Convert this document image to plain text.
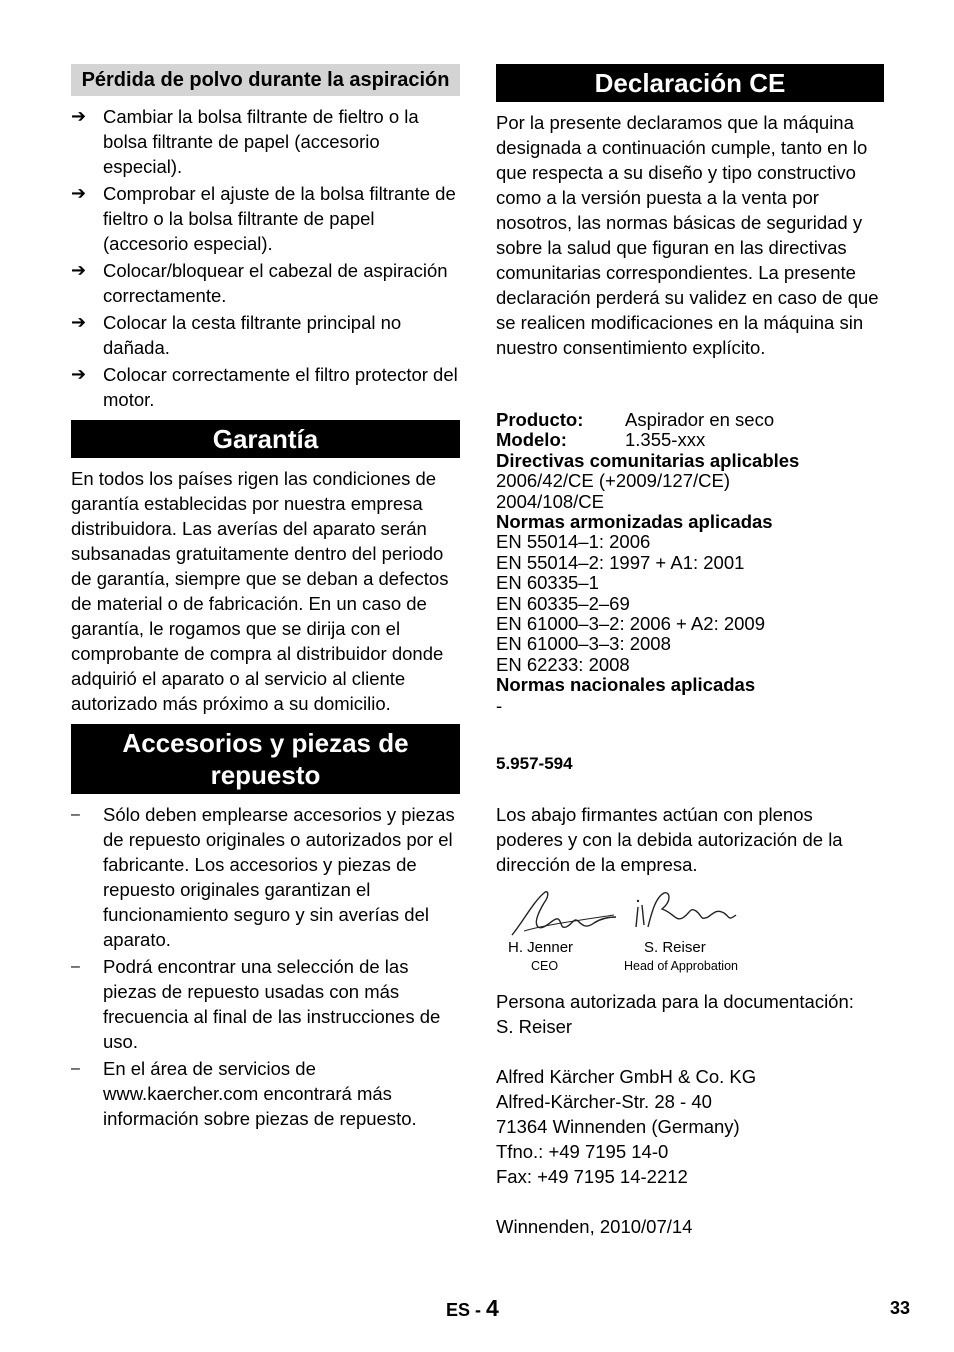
Pérdida de polvo durante la aspiración
➔ Cambiar la bolsa filtrante de fieltro o la bolsa filtrante de papel (accesorio especial).
➔ Comprobar el ajuste de la bolsa filtrante de fieltro o la bolsa filtrante de papel (accesorio especial).
➔ Colocar/bloquear el cabezal de aspiración correctamente.
➔ Colocar la cesta filtrante principal no dañada.
➔ Colocar correctamente el filtro protector del motor.
Garantía

En todos los países rigen las condiciones de garantía establecidas por nuestra empresa distribuidora. Las averías del aparato serán subsanadas gratuitamente dentro del periodo de garantía, siempre que se deban a defectos de material o de fabricación. En un caso de garantía, le rogamos que se dirija con el comprobante de compra al distribuidor donde adquirió el aparato o al servicio al cliente autorizado más próximo a su domicilio.

Accesorios y piezas de repuesto
–	Sólo deben emplearse accesorios y piezas de repuesto originales o autorizados por el fabricante. Los accesorios y piezas de repuesto originales garantizan el funcionamiento seguro y sin averías del aparato.
–	Podrá encontrar una selección de las piezas de repuesto usadas con más frecuencia al final de las instrucciones de uso.
–	En el área de servicios de www.kaercher.com encontrará más información sobre piezas de repuesto.
Declaración CE

Por la presente declaramos que la máquina designada a continuación cumple, tanto en lo que respecta a su diseño y tipo constructivo como a la versión puesta a la venta por nosotros, las normas básicas de seguridad y sobre la salud que figuran en las directivas comunitarias correspondientes. La presente declaración perderá su validez en caso de que se realicen modificaciones en la máquina sin nuestro consentimiento explícito.

Producto:	Aspirador en seco
Modelo:	1.355-xxx
Directivas comunitarias aplicables
2006/42/CE (+2009/127/CE)
2004/108/CE
Normas armonizadas aplicadas
EN 55014–1: 2006
EN 55014–2: 1997 + A1: 2001
EN 60335–1
EN 60335–2–69
EN 61000–3–2: 2006 + A2: 2009
EN 61000–3–3: 2008
EN 62233: 2008
Normas nacionales aplicadas
-
5.957-594

Los abajo firmantes actúan con plenos poderes y con la debida autorización de la dirección de la empresa.

H. Jenner
CEO
S. Reiser
Head of Approbation

Persona autorizada para la documentación:

S. Reiser

Alfred Kärcher GmbH & Co. KG

Alfred-Kärcher-Str. 28 - 40

71364 Winnenden (Germany)

Tfno.: +49 7195 14-0

Fax: +49 7195 14-2212

Winnenden, 2010/07/14

ES - 4	33
